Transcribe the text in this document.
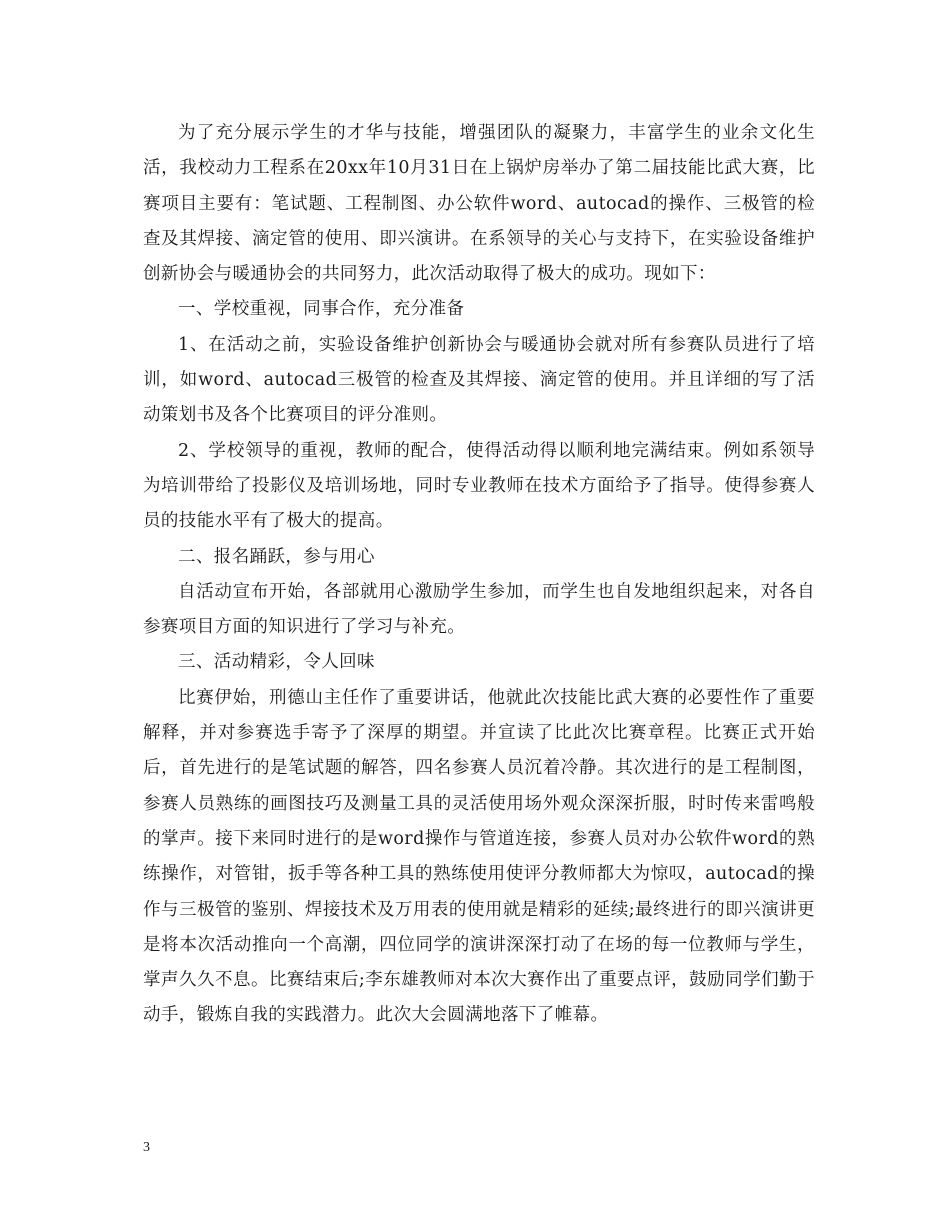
为了充分展示学生的才华与技能，增强团队的凝聚力，丰富学生的业余文化生活，我校动力工程系在20xx年10月31日在上锅炉房举办了第二届技能比武大赛，比赛项目主要有：笔试题、工程制图、办公软件word、autocad的操作、三极管的检查及其焊接、滴定管的使用、即兴演讲。在系领导的关心与支持下，在实验设备维护创新协会与暖通协会的共同努力，此次活动取得了极大的成功。现如下：

一、学校重视，同事合作，充分准备

1、在活动之前，实验设备维护创新协会与暖通协会就对所有参赛队员进行了培训，如word、autocad三极管的检查及其焊接、滴定管的使用。并且详细的写了活动策划书及各个比赛项目的评分准则。

2、学校领导的重视，教师的配合，使得活动得以顺利地完满结束。例如系领导为培训带给了投影仪及培训场地，同时专业教师在技术方面给予了指导。使得参赛人员的技能水平有了极大的提高。

二、报名踊跃，参与用心

自活动宣布开始，各部就用心激励学生参加，而学生也自发地组织起来，对各自参赛项目方面的知识进行了学习与补充。

三、活动精彩，令人回味

比赛伊始，刑德山主任作了重要讲话，他就此次技能比武大赛的必要性作了重要解释，并对参赛选手寄予了深厚的期望。并宣读了比此次比赛章程。比赛正式开始后，首先进行的是笔试题的解答，四名参赛人员沉着冷静。其次进行的是工程制图，参赛人员熟练的画图技巧及测量工具的灵活使用场外观众深深折服，时时传来雷鸣般的掌声。接下来同时进行的是word操作与管道连接，参赛人员对办公软件word的熟练操作，对管钳，扳手等各种工具的熟练使用使评分教师都大为惊叹，autocad的操作与三极管的鉴别、焊接技术及万用表的使用就是精彩的延续;最终进行的即兴演讲更是将本次活动推向一个高潮，四位同学的演讲深深打动了在场的每一位教师与学生，掌声久久不息。比赛结束后;李东雄教师对本次大赛作出了重要点评，鼓励同学们勤于动手，锻炼自我的实践潜力。此次大会圆满地落下了帷幕。

3
